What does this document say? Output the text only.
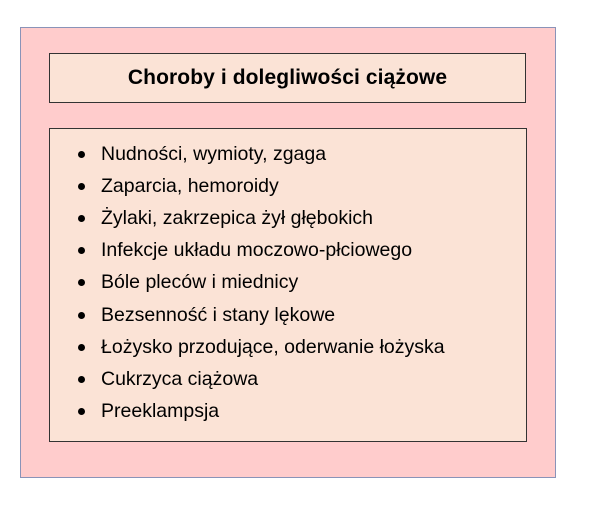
Choroby i dolegliwości ciążowe
Nudności, wymioty, zgaga
Zaparcia, hemoroidy
Żylaki, zakrzepica żył głębokich
Infekcje układu moczowo-płciowego
Bóle pleców i miednicy
Bezsenność i stany lękowe
Łożysko przodujące, oderwanie łożyska
Cukrzyca ciążowa
Preeklampsja
